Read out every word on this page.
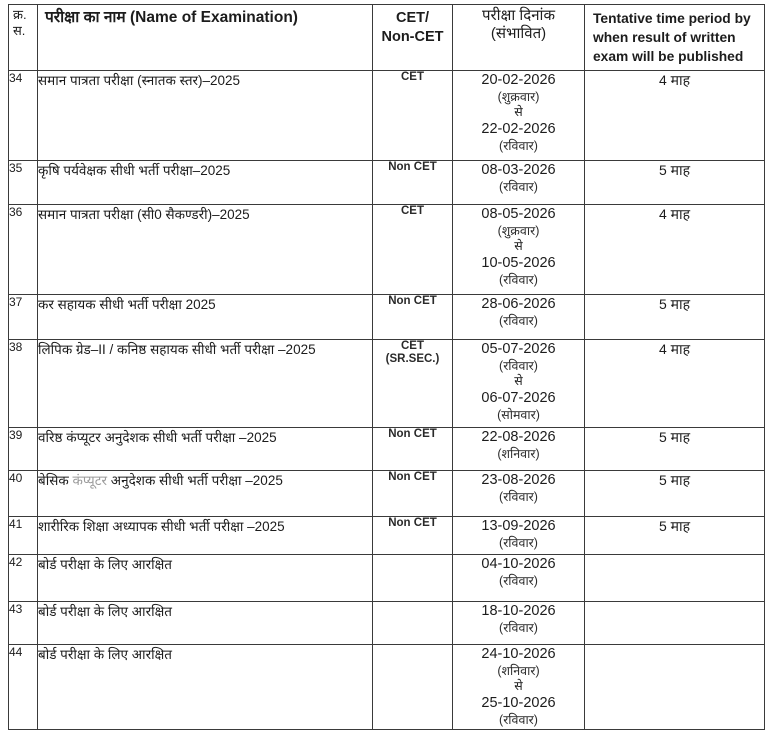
क्र.
स.	परीक्षा का नाम (Name of Examination)	CET/
Non-CET	परीक्षा दिनांक
(संभावित)	Tentative time period by
when result of written
exam will be published

34	समान पात्रता परीक्षा (स्नातक स्तर)–2025	CET	20-02-2026
(शुक्रवार)
से
22-02-2026
(रविवार)	4 माह
35	कृषि पर्यवेक्षक सीधी भर्ती परीक्षा–2025	Non CET	08-03-2026
(रविवार)	5 माह
36	समान पात्रता परीक्षा (सी0 सैकण्डरी)–2025	CET	08-05-2026
(शुक्रवार)
से
10-05-2026
(रविवार)	4 माह
37	कर सहायक सीधी भर्ती परीक्षा 2025	Non CET	28-06-2026
(रविवार)	5 माह
38	लिपिक ग्रेड–II / कनिष्ठ सहायक सीधी भर्ती परीक्षा –2025	CET
(SR.SEC.)	05-07-2026
(रविवार)
से
06-07-2026
(सोमवार)	4 माह
39	वरिष्ठ कंप्यूटर अनुदेशक सीधी भर्ती परीक्षा –2025	Non CET	22-08-2026
(शनिवार)	5 माह
40	बेसिक कंप्यूटर अनुदेशक सीधी भर्ती परीक्षा –2025	Non CET	23-08-2026
(रविवार)	5 माह
41	शारीरिक शिक्षा अध्यापक सीधी भर्ती परीक्षा –2025	Non CET	13-09-2026
(रविवार)	5 माह
42	बोर्ड परीक्षा के लिए आरक्षित		04-10-2026
(रविवार)	

43	बोर्ड परीक्षा के लिए आरक्षित		18-10-2026
(रविवार)	

44	बोर्ड परीक्षा के लिए आरक्षित		24-10-2026
(शनिवार)
से
25-10-2026
(रविवार)	
